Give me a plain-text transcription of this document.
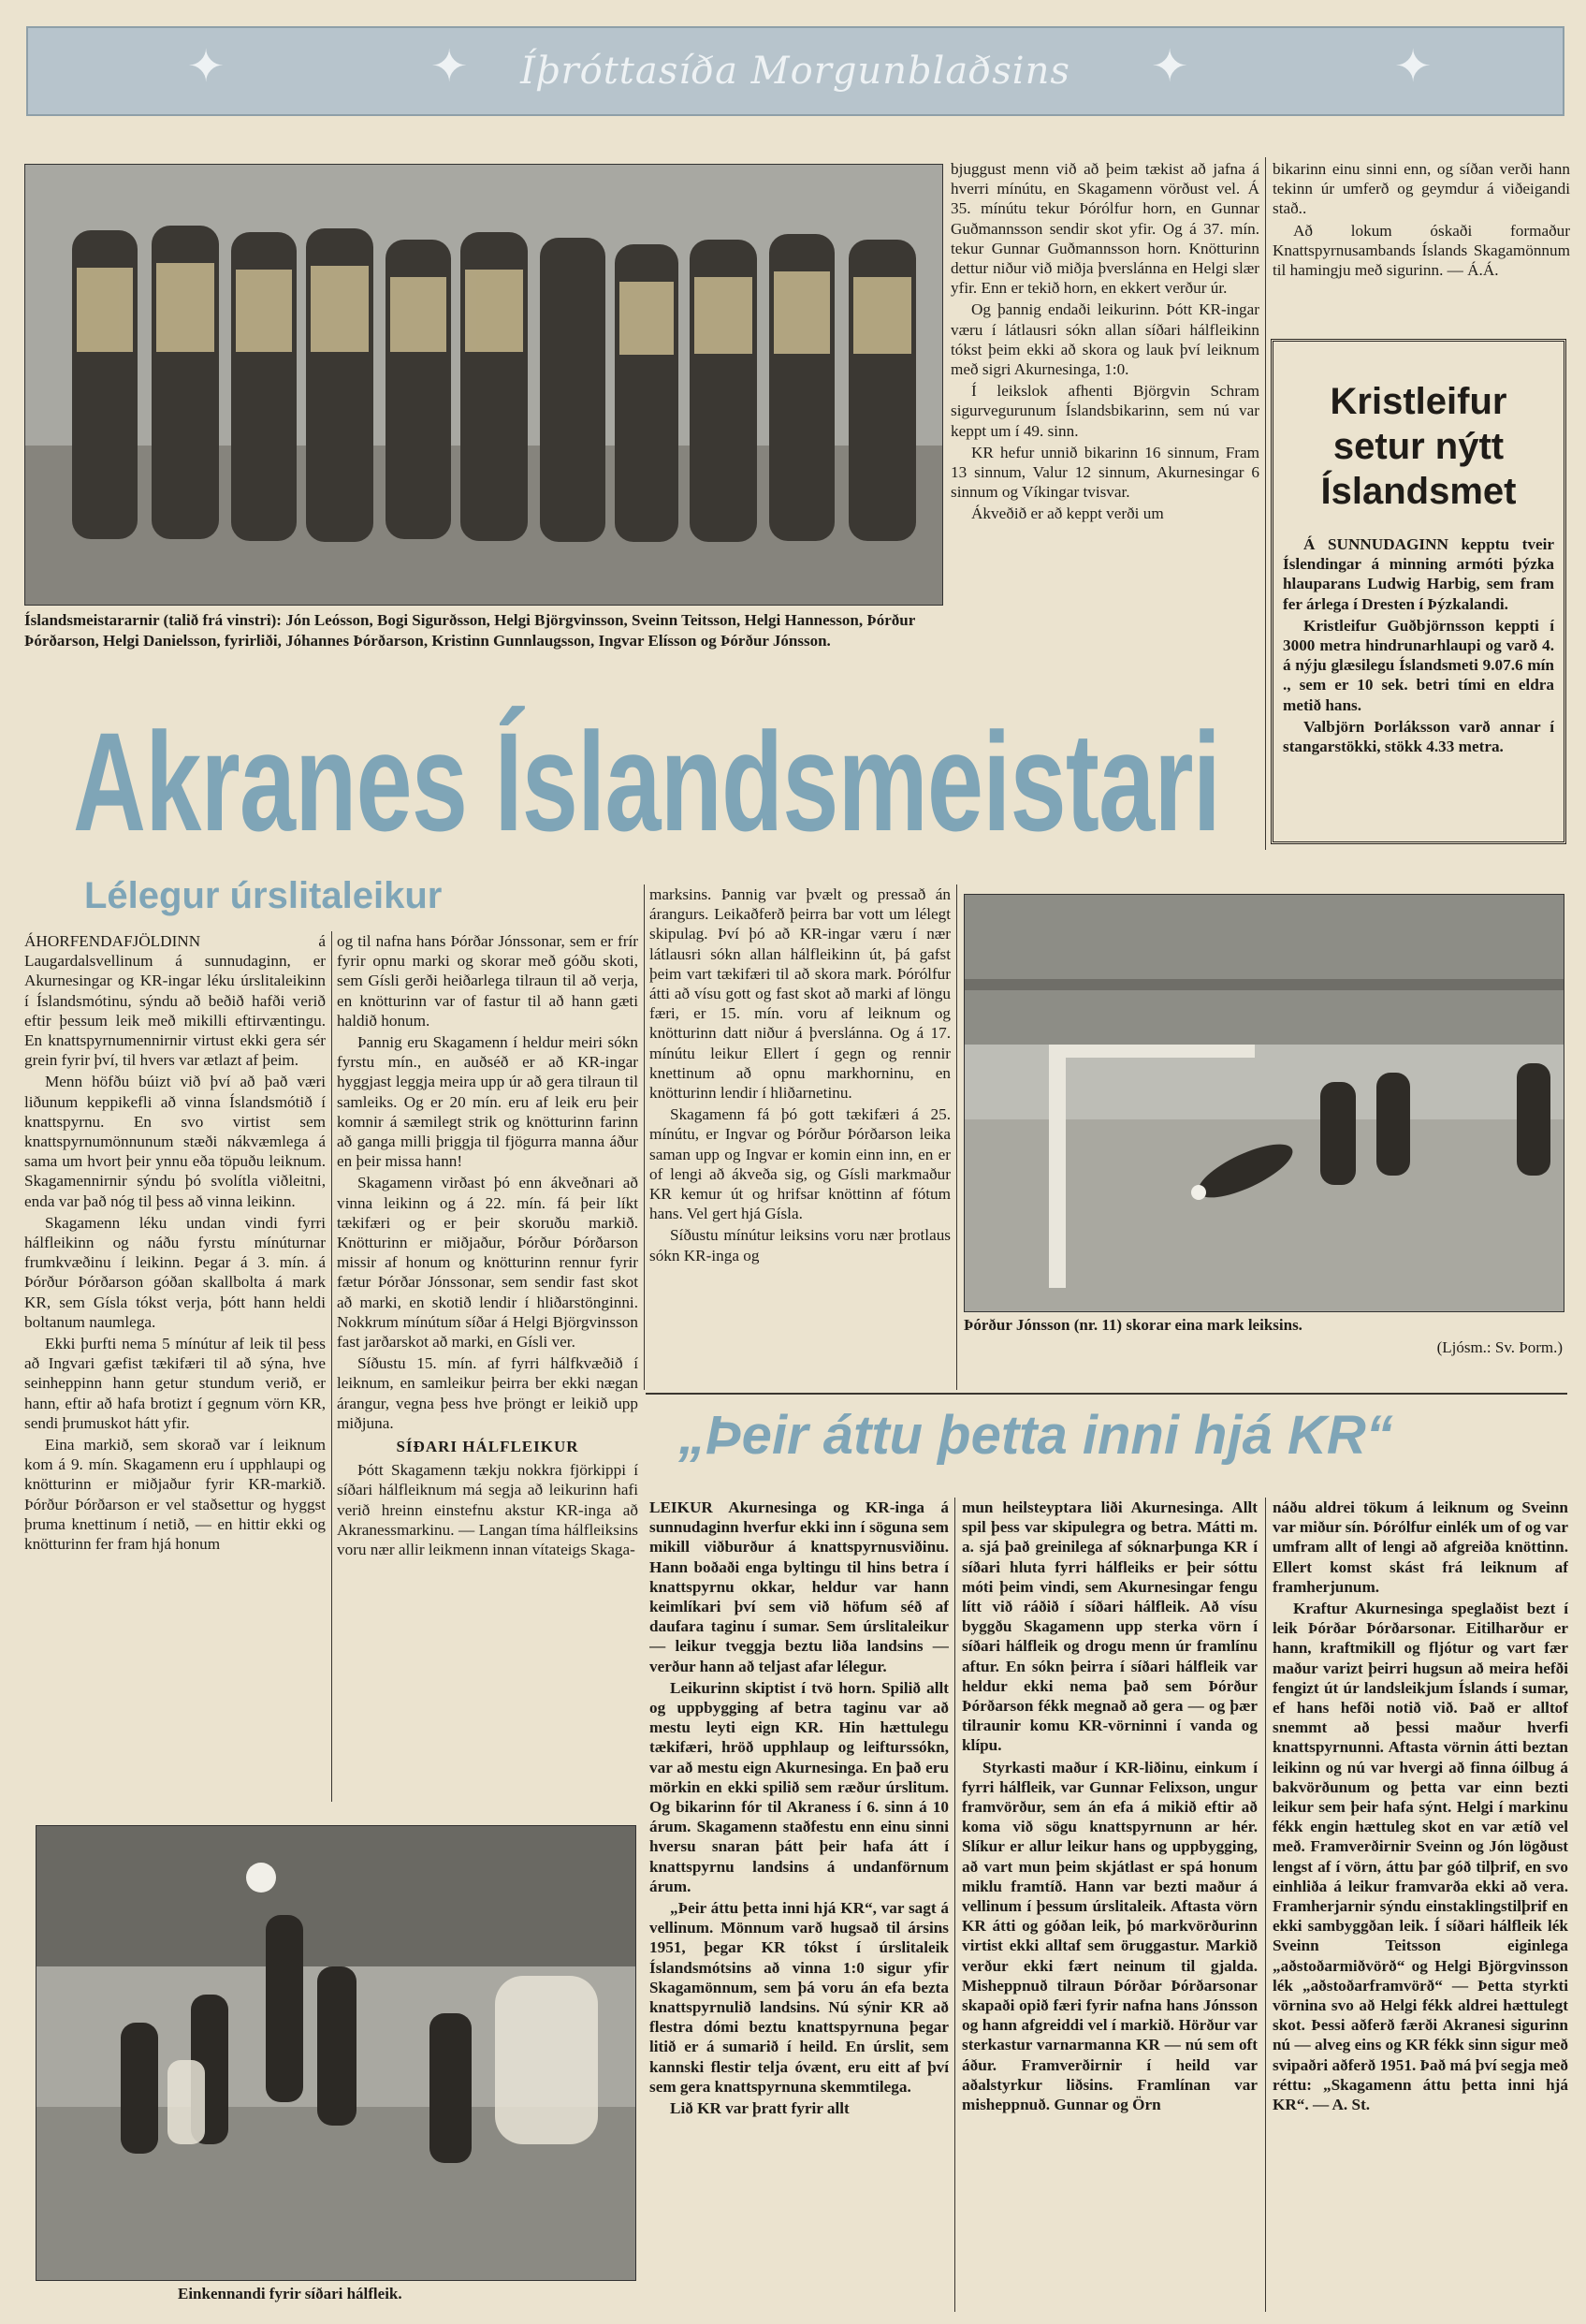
✦	✦ Íþróttasíða Morgunblaðsins ✦	✦
Íslandsmeistararnir (talið frá vinstri): Jón Leósson, Bogi Sigurðsson, Helgi Björgvinsson, Sveinn Teitsson, Helgi Hannesson, Þórður Þórðarson, Helgi Danielsson, fyrirliði, Jóhannes Þórðarson, Kristinn Gunnlaugsson, Ingvar Elísson og Þórður Jónsson.

bjuggust menn við að þeim tækist að jafna á hverri mínútu, en Skagamenn vörðust vel. Á 35. mínútu tekur Þórólfur horn, en Gunnar Guðmannsson sendir skot yfir. Og á 37. mín. tekur Gunnar Guðmannsson horn. Knötturinn dettur niður við miðja þverslánna en Helgi slær yfir. Enn er tekið horn, en ekkert verður úr.

Og þannig endaði leikurinn. Þótt KR-ingar væru í látlausri sókn allan síðari hálfleikinn tókst þeim ekki að skora og lauk því leiknum með sigri Akurnesinga, 1:0.

Í leikslok afhenti Björgvin Schram sigurvegurunum Íslandsbikarinn, sem nú var keppt um í 49. sinn.

KR hefur unnið bikarinn 16 sinnum, Fram 13 sinnum, Valur 12 sinnum, Akurnesingar 6 sinnum og Víkingar tvisvar.

Ákveðið er að keppt verði um

bikarinn einu sinni enn, og síðan verði hann tekinn úr umferð og geymdur á viðeigandi stað..

Að lokum óskaði formaður Knattspyrnusambands Íslands Skagamönnum til hamingju með sigurinn. — Á.Á.

Kristleifur
setur nýtt
Íslandsmet

Á SUNNUDAGINN kepptu tveir Íslendingar á minning armóti þýzka hlauparans Ludwig Harbig, sem fram fer árlega í Dresten í Þýzkalandi.

Kristleifur Guðbjörnsson keppti í 3000 metra hindrunarhlaupi og varð 4. á nýju glæsilegu Íslandsmeti 9.07.6 mín ., sem er 10 sek. betri tími en eldra metið hans.

Valbjörn Þorláksson varð annar í stangarstökki, stökk 4.33 metra.

Akranes Íslandsmeistari
Lélegur úrslitaleikur

ÁHORFENDAFJÖLDINN á Laugardalsvellinum á sunnudaginn, er Akurnesingar og KR-ingar léku úrslitaleikinn í Íslandsmótinu, sýndu að beðið hafði verið eftir þessum leik með mikilli eftirvæntingu. En knattspyrnumennirnir virtust ekki gera sér grein fyrir því, til hvers var ætlazt af þeim.

Menn höfðu búizt við því að það væri liðunum keppikefli að vinna Íslandsmótið í knattspyrnu. En svo virtist sem knattspyrnumönnunum stæði nákvæmlega á sama um hvort þeir ynnu eða töpuðu leiknum. Skagamennirnir sýndu þó svolítla viðleitni, enda var það nóg til þess að vinna leikinn.

Skagamenn léku undan vindi fyrri hálfleikinn og náðu fyrstu mínúturnar frumkvæðinu í leikinn. Þegar á 3. mín. á Þórður Þórðarson góðan skallbolta á mark KR, sem Gísla tókst verja, þótt hann heldi boltanum naumlega.

Ekki þurfti nema 5 mínútur af leik til þess að Ingvari gæfist tækifæri til að sýna, hve seinheppinn hann getur stundum verið, er hann, eftir að hafa brotizt í gegnum vörn KR, sendi þrumuskot hátt yfir.

Eina markið, sem skorað var í leiknum kom á 9. mín. Skagamenn eru í upphlaupi og knötturinn er miðjaður fyrir KR-markið. Þórður Þórðarson er vel staðsettur og hyggst þruma knettinum í netið, — en hittir ekki og knötturinn fer fram hjá honum

og til nafna hans Þórðar Jónssonar, sem er frír fyrir opnu marki og skorar með góðu skoti, sem Gísli gerði heiðarlega tilraun til að verja, en knötturinn var of fastur til að hann gæti haldið honum.

Þannig eru Skagamenn í heldur meiri sókn fyrstu mín., en auðséð er að KR-ingar hyggjast leggja meira upp úr að gera tilraun til samleiks. Og er 20 mín. eru af leik eru þeir komnir á sæmilegt strik og knötturinn farinn að ganga milli þriggja til fjögurra manna áður en þeir missa hann!

Skagamenn virðast þó enn ákveðnari að vinna leikinn og á 22. mín. fá þeir líkt tækifæri og er þeir skoruðu markið. Knötturinn er miðjaður, Þórður Þórðarson missir af honum og knötturinn rennur fyrir fætur Þórðar Jónssonar, sem sendir fast skot að marki, en skotið lendir í hliðarstönginni. Nokkrum mínútum síðar á Helgi Björgvinsson fast jarðarskot að marki, en Gísli ver.

Síðustu 15. mín. af fyrri hálfkvæðið í leiknum, en samleikur þeirra ber ekki nægan árangur, vegna þess hve þröngt er leikið upp miðjuna.

SÍÐARI HÁLFLEIKUR

Þótt Skagamenn tækju nokkra fjörkippi í síðari hálfleiknum má segja að leikurinn hafi verið hreinn einstefnu akstur KR-inga að Akranessmarkinu. — Langan tíma hálfleiksins voru nær allir leikmenn innan vítateigs Skaga-

marksins. Þannig var þvælt og pressað án árangurs. Leikaðferð þeirra bar vott um lélegt skipulag. Því þó að KR-ingar væru í nær látlausri sókn allan hálfleikinn út, þá gafst þeim vart tækifæri til að skora mark. Þórólfur átti að vísu gott og fast skot að marki af löngu færi, er 15. mín. voru af leiknum og knötturinn datt niður á þverslánna. Og á 17. mínútu leikur Ellert í gegn og rennir knettinum að opnu markhorninu, en knötturinn lendir í hliðarnetinu.

Skagamenn fá þó gott tækifæri á 25. mínútu, er Ingvar og Þórður Þórðarson leika saman upp og Ingvar er komin einn inn, en er of lengi að ákveða sig, og Gísli markmaður KR kemur út og hrifsar knöttinn af fótum hans. Vel gert hjá Gísla.

Síðustu mínútur leiksins voru nær þrotlaus sókn KR-inga og

Þórður Jónsson (nr. 11) skorar eina mark leiksins.
(Ljósm.: Sv. Þorm.)
„Þeir áttu þetta inni hjá KR“

LEIKUR Akurnesinga og KR-inga á sunnudaginn hverfur ekki inn í söguna sem mikill viðburður á knattspyrnusviðinu. Hann boðaði enga byltingu til hins betra í knattspyrnu okkar, heldur var hann keimlíkari því sem við höfum séð af daufara taginu í sumar. Sem úrslitaleikur — leikur tveggja beztu liða landsins — verður hann að teljast afar lélegur.

Leikurinn skiptist í tvö horn. Spilið allt og uppbygging af betra taginu var að mestu leyti eign KR. Hin hættulegu tækifæri, hröð upphlaup og leifturssókn, var að mestu eign Akurnesinga. En það eru mörkin en ekki spilið sem ræður úrslitum. Og bikarinn fór til Akraness í 6. sinn á 10 árum. Skagamenn staðfestu enn einu sinni hversu snaran þátt þeir hafa átt í knattspyrnu landsins á undanförnum árum.

„Þeir áttu þetta inni hjá KR“, var sagt á vellinum. Mönnum varð hugsað til ársins 1951, þegar KR tókst í úrslitaleik Íslandsmótsins að vinna 1:0 sigur yfir Skagamönnum, sem þá voru án efa bezta knattspyrnulið landsins. Nú sýnir KR að flestra dómi beztu knattspyrnuna þegar litið er á sumarið í heild. En úrslit, sem kannski flestir telja óvænt, eru eitt af því sem gera knattspyrnuna skemmtilega.

Lið KR var þratt fyrir allt

mun heilsteyptara liði Akurnesinga. Allt spil þess var skipulegra og betra. Mátti m. a. sjá það greinilega af sóknarþunga KR í síðari hluta fyrri hálfleiks er þeir sóttu móti þeim vindi, sem Akurnesingar fengu lítt við ráðið í síðari hálfleik. Að vísu byggðu Skagamenn upp sterka vörn í síðari hálfleik og drogu menn úr framlínu aftur. En sókn þeirra í síðari hálfleik var heldur ekki nema það sem Þórður Þórðarson fékk megnað að gera — og þær tilraunir komu KR-vörninni í vanda og klípu.

Styrkasti maður í KR-liðinu, einkum í fyrri hálfleik, var Gunnar Felixson, ungur framvörður, sem án efa á mikið eftir að koma við sögu knattspyrnunn ar hér. Slíkur er allur leikur hans og uppbygging, að vart mun þeim skjátlast er spá honum miklu framtíð. Hann var bezti maður á vellinum í þessum úrslitaleik. Aftasta vörn KR átti og góðan leik, þó markvörðurinn virtist ekki alltaf sem öruggastur. Markið verður ekki fært neinum til gjalda. Misheppnuð tilraun Þórðar Þórðarsonar skapaði opið færi fyrir nafna hans Jónsson og hann afgreiddi vel í markið. Hörður var sterkastur varnarmanna KR — nú sem oft áður. Framverðirnir í heild var aðalstyrkur liðsins. Framlínan var misheppnuð. Gunnar og Örn

náðu aldrei tökum á leiknum og Sveinn var miður sín. Þórólfur einlék um of og var umfram allt of lengi að afgreiða knöttinn. Ellert komst skást frá leiknum af framherjunum.

Kraftur Akurnesinga speglaðist bezt í leik Þórðar Þórðarsonar. Eitilharður er hann, kraftmikill og fljótur og vart fær maður varizt þeirri hugsun að meira hefði fengizt út úr landsleikjum Íslands í sumar, ef hans hefði notið við. Það er alltof snemmt að þessi maður hverfi knattspyrnunni. Aftasta vörnin átti beztan leikinn og nú var hvergi að finna óilbug á bakvörðunum og þetta var einn bezti leikur sem þeir hafa sýnt. Helgi í markinu fékk engin hættuleg skot en var ætíð vel með. Framverðirnir Sveinn og Jón lögðust lengst af í vörn, áttu þar góð tilþrif, en svo einhliða á leikur framvarða ekki að vera. Framherjarnir sýndu einstaklingstilþrif en ekki sambyggðan leik. Í síðari hálfleik lék Sveinn Teitsson eiginlega „aðstoðarmiðvörð“ og Helgi Björgvinsson lék „aðstoðarframvörð“ — Þetta styrkti vörnina svo að Helgi fékk aldrei hættulegt skot. Þessi aðferð færði Akranesi sigurinn nú — alveg eins og KR fékk sinn sigur með svipaðri aðferð 1951. Það má því segja með réttu: „Skagamenn áttu þetta inni hjá KR“. — A. St.

Einkennandi fyrir síðari hálfleik.
